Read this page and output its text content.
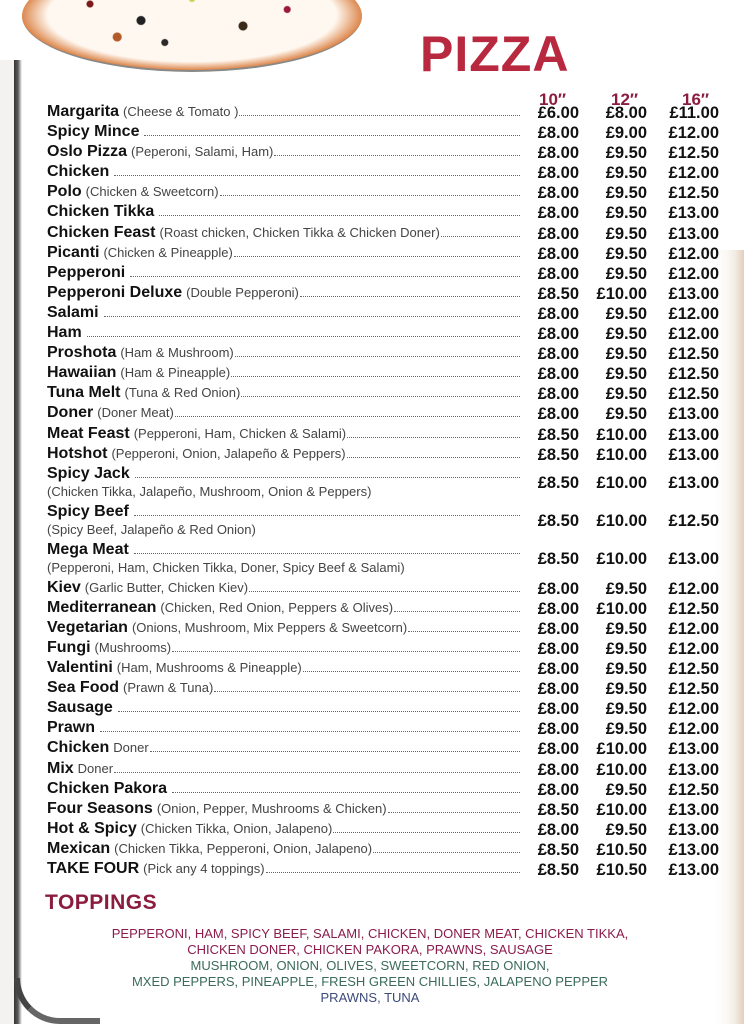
PIZZA
10″	12″	16″
Margarita (Cheese & Tomato )	£6.00	£8.00	£11.00
Spicy Mince	£8.00	£9.00	£12.00
Oslo Pizza (Peperoni, Salami, Ham)	£8.00	£9.50	£12.50
Chicken	£8.00	£9.50	£12.00
Polo (Chicken & Sweetcorn)	£8.00	£9.50	£12.50
Chicken Tikka	£8.00	£9.50	£13.00
Chicken Feast (Roast chicken, Chicken Tikka & Chicken Doner)	£8.00	£9.50	£13.00
Picanti (Chicken & Pineapple)	£8.00	£9.50	£12.00
Pepperoni	£8.00	£9.50	£12.00
Pepperoni Deluxe (Double Pepperoni)	£8.50	£10.00	£13.00
Salami	£8.00	£9.50	£12.00
Ham	£8.00	£9.50	£12.00
Proshota (Ham & Mushroom)	£8.00	£9.50	£12.50
Hawaiian (Ham & Pineapple)	£8.00	£9.50	£12.50
Tuna Melt (Tuna & Red Onion)	£8.00	£9.50	£12.50
Doner (Doner Meat)	£8.00	£9.50	£13.00
Meat Feast (Pepperoni, Ham, Chicken & Salami)	£8.50	£10.00	£13.00
Hotshot (Pepperoni, Onion, Jalapeño & Peppers)	£8.50	£10.00	£13.00
Spicy Jack
(Chicken Tikka, Jalapeño, Mushroom, Onion & Peppers)	£8.50	£10.00	£13.00
Spicy Beef
(Spicy Beef, Jalapeño & Red Onion)	£8.50	£10.00	£12.50
Mega Meat
(Pepperoni, Ham, Chicken Tikka, Doner, Spicy Beef & Salami)	£8.50	£10.00	£13.00
Kiev (Garlic Butter, Chicken Kiev)	£8.00	£9.50	£12.00
Mediterranean (Chicken, Red Onion, Peppers & Olives)	£8.00	£10.00	£12.50
Vegetarian (Onions, Mushroom, Mix Peppers & Sweetcorn)	£8.00	£9.50	£12.00
Fungi (Mushrooms)	£8.00	£9.50	£12.00
Valentini (Ham, Mushrooms & Pineapple)	£8.00	£9.50	£12.50
Sea Food (Prawn & Tuna)	£8.00	£9.50	£12.50
Sausage	£8.00	£9.50	£12.00
Prawn	£8.00	£9.50	£12.00
Chicken Doner	£8.00	£10.00	£13.00
Mix Doner	£8.00	£10.00	£13.00
Chicken Pakora	£8.00	£9.50	£12.50
Four Seasons (Onion, Pepper, Mushrooms & Chicken)	£8.50	£10.00	£13.00
Hot & Spicy (Chicken Tikka, Onion, Jalapeno)	£8.00	£9.50	£13.00
Mexican (Chicken Tikka, Pepperoni, Onion, Jalapeno)	£8.50	£10.50	£13.00
TAKE FOUR (Pick any 4 toppings)	£8.50	£10.50	£13.00
TOPPINGS
PEPPERONI, HAM, SPICY BEEF, SALAMI, CHICKEN, DONER MEAT, CHICKEN TIKKA,
CHICKEN DONER, CHICKEN PAKORA, PRAWNS, SAUSAGE
MUSHROOM, ONION, OLIVES, SWEETCORN, RED ONION,
MXED PEPPERS, PINEAPPLE, FRESH GREEN CHILLIES, JALAPENO PEPPER
PRAWNS, TUNA
